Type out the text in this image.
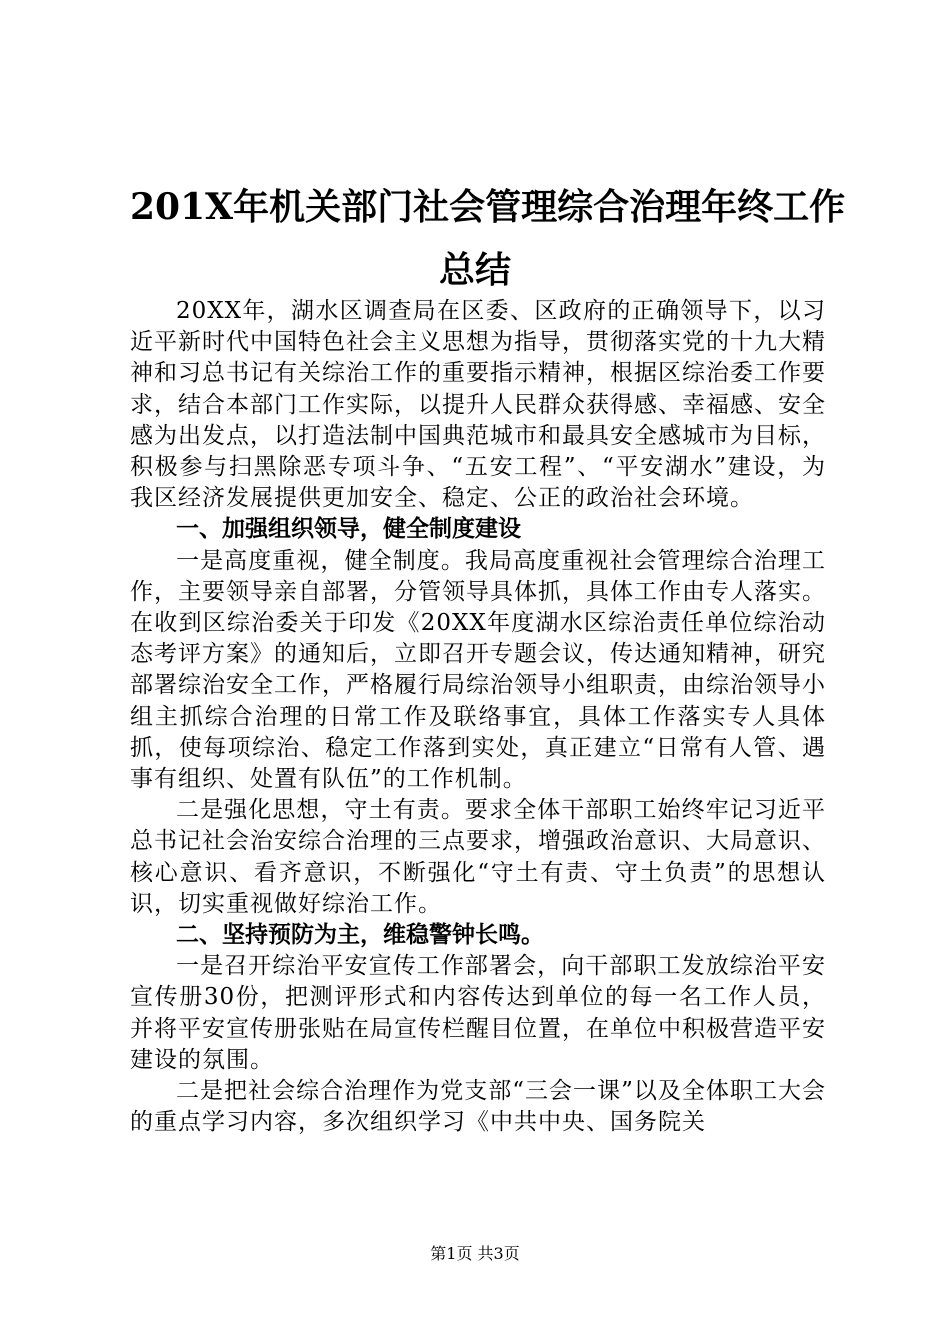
201X年机关部门社会管理综合治理年终工作
总结

20XX年，湖水区调查局在区委、区政府的正确领导下，以习近平新时代中国特色社会主义思想为指导，贯彻落实党的十九大精神和习总书记有关综治工作的重要指示精神，根据区综治委工作要求，结合本部门工作实际，以提升人民群众获得感、幸福感、安全感为出发点，以打造法制中国典范城市和最具安全感城市为目标，积极参与扫黑除恶专项斗争、“五安工程”、“平安湖水”建设，为我区经济发展提供更加安全、稳定、公正的政治社会环境。

一、加强组织领导，健全制度建设

一是高度重视，健全制度。我局高度重视社会管理综合治理工作，主要领导亲自部署，分管领导具体抓，具体工作由专人落实。在收到区综治委关于印发《20XX年度湖水区综治责任单位综治动态考评方案》的通知后，立即召开专题会议，传达通知精神，研究部署综治安全工作，严格履行局综治领导小组职责，由综治领导小组主抓综合治理的日常工作及联络事宜，具体工作落实专人具体抓，使每项综治、稳定工作落到实处，真正建立“日常有人管、遇事有组织、处置有队伍”的工作机制。

二是强化思想，守土有责。要求全体干部职工始终牢记习近平总书记社会治安综合治理的三点要求，增强政治意识、大局意识、核心意识、看齐意识，不断强化“守土有责、守土负责”的思想认识，切实重视做好综治工作。

二、坚持预防为主，维稳警钟长鸣。

一是召开综治平安宣传工作部署会，向干部职工发放综治平安宣传册30份，把测评形式和内容传达到单位的每一名工作人员，并将平安宣传册张贴在局宣传栏醒目位置，在单位中积极营造平安建设的氛围。

二是把社会综合治理作为党支部“三会一课”以及全体职工大会的重点学习内容，多次组织学习《中共中央、国务院关

第1页 共3页
